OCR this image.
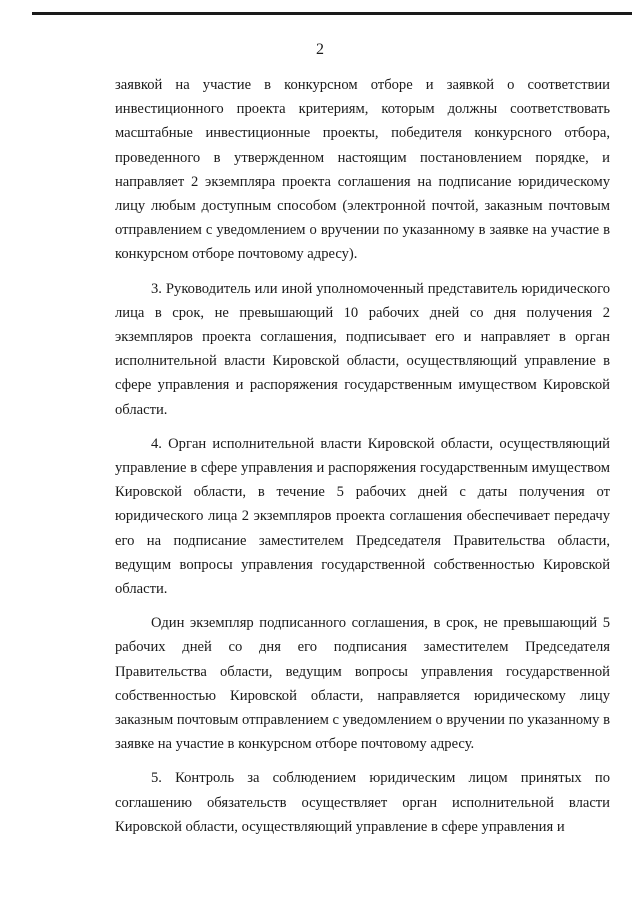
2

заявкой на участие в конкурсном отборе и заявкой о соответствии инвестиционного проекта критериям, которым должны соответствовать масштабные инвестиционные проекты, победителя конкурсного отбора, проведенного в утвержденном настоящим постановлением порядке, и направляет 2 экземпляра проекта соглашения на подписание юридическому лицу любым доступным способом (электронной почтой, заказным почтовым отправлением с уведомлением о вручении по указанному в заявке на участие в конкурсном отборе почтовому адресу).

3. Руководитель или иной уполномоченный представитель юридического лица в срок, не превышающий 10 рабочих дней со дня получения 2 экземпляров проекта соглашения, подписывает его и направляет в орган исполнительной власти Кировской области, осуществляющий управление в сфере управления и распоряжения государственным имуществом Кировской области.

4. Орган исполнительной власти Кировской области, осуществляющий управление в сфере управления и распоряжения государственным имуществом Кировской области, в течение 5 рабочих дней с даты получения от юридического лица 2 экземпляров проекта соглашения обеспечивает передачу его на подписание заместителем Председателя Правительства области, ведущим вопросы управления государственной собственностью Кировской области.

Один экземпляр подписанного соглашения, в срок, не превышающий 5 рабочих дней со дня его подписания заместителем Председателя Правительства области, ведущим вопросы управления государственной собственностью Кировской области, направляется юридическому лицу заказным почтовым отправлением с уведомлением о вручении по указанному в заявке на участие в конкурсном отборе почтовому адресу.

5. Контроль за соблюдением юридическим лицом принятых по соглашению обязательств осуществляет орган исполнительной власти Кировской области, осуществляющий управление в сфере управления и
